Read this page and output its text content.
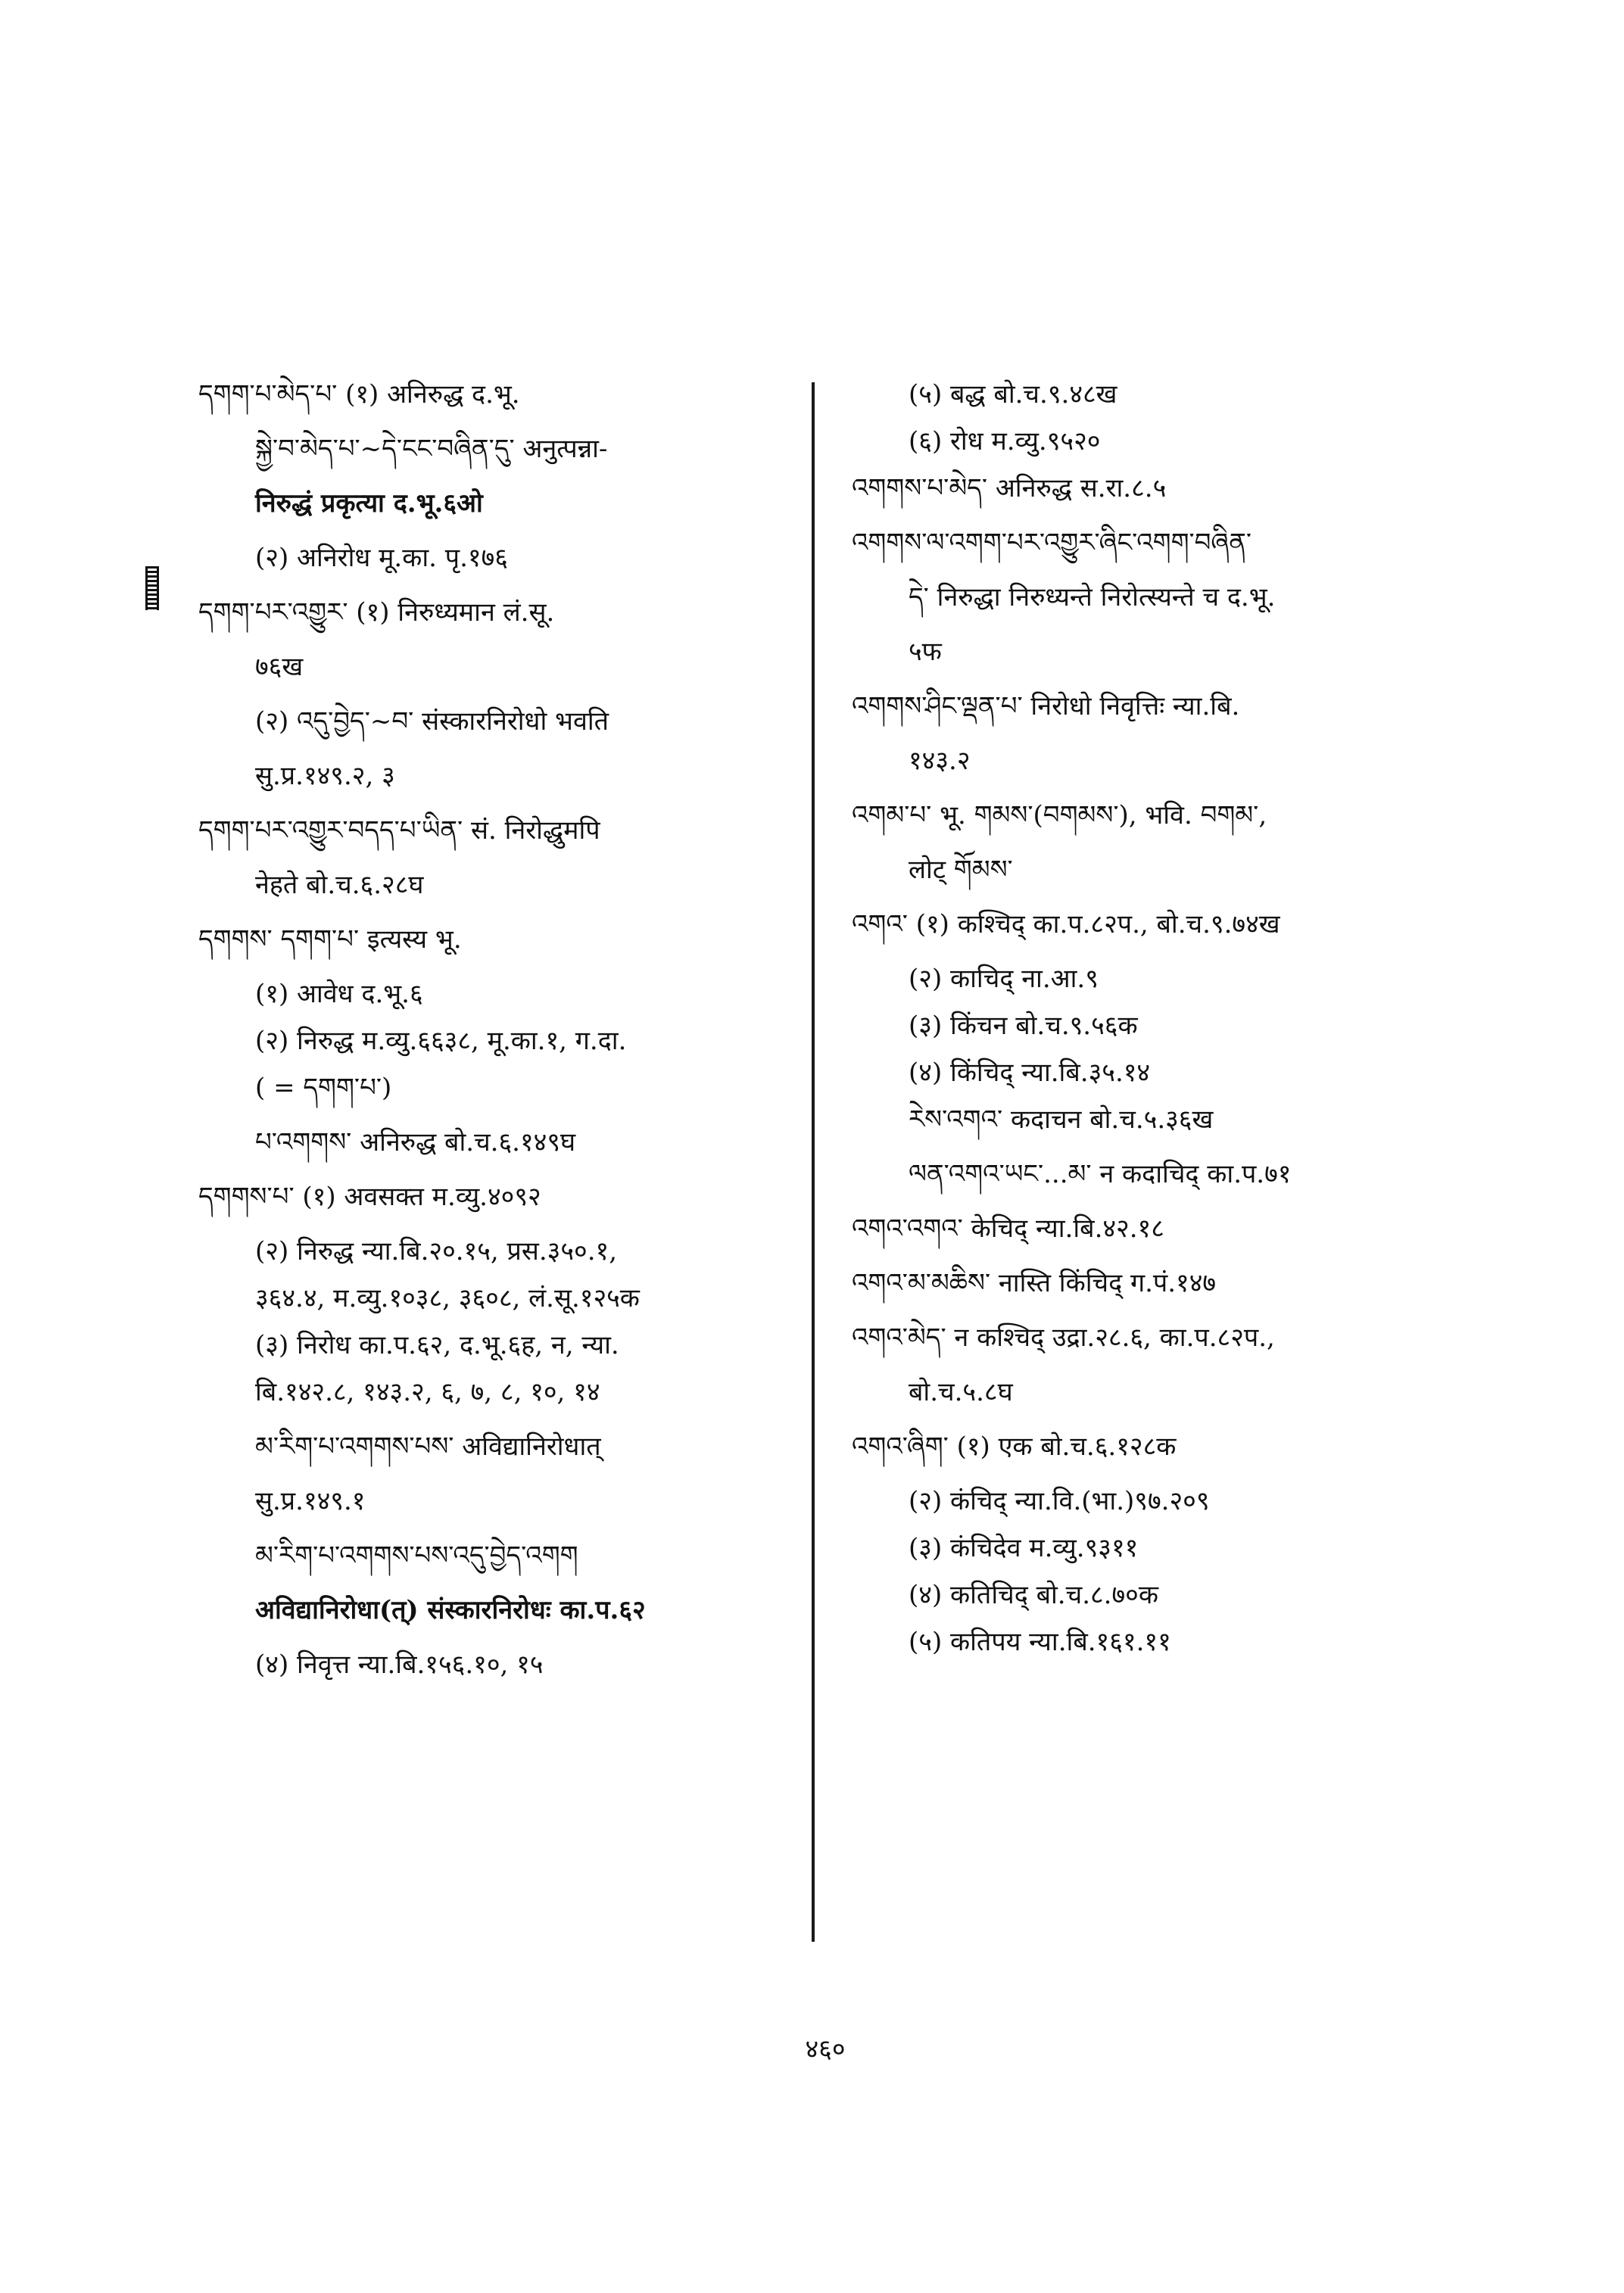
དགག་པ་མེད་པ་ (१) अनिरुद्ध द.भू.
སྐྱེ་བ་མེད་པ་~དེ་ངང་བཞིན་དུ་ अनुत्पन्ना-
निरुद्धं प्रकृत्या द.भू.६ओ
(२) अनिरोध मू.का. पृ.१७६
དགག་པར་འགྱུར་ (१) निरुध्यमान लं.सू.
७६ख
(२) འདུ་བྱེད་~བ་ संस्कारनिरोधो भवति
सु.प्र.१४९.२, ३
དགག་པར་འགྱུར་བདད་པ་ཡིན་ सं. निरोद्धुमपि
नेहते बो.च.६.२८घ
དགགས་ དགག་པ་ इत्यस्य भू.
(१) आवेध द.भू.६
(२) निरुद्ध म.व्यु.६६३८, मू.का.१, ग.दा.
( = དགག་པ་)
པ་འགགས་ अनिरुद्ध बो.च.६.१४९घ
དགགས་པ་ (१) अवसक्त म.व्यु.४०९२
(२) निरुद्ध न्या.बि.२०.१५, प्रस.३५०.१,
३६४.४, म.व्यु.१०३८, ३६०८, लं.सू.१२५क
(३) निरोध का.प.६२, द.भू.६ह, न, न्या.
बि.१४२.८, १४३.२, ६, ७, ८, १०, १४
མ་རིག་པ་འགགས་པས་ अविद्यानिरोधात्
सु.प्र.१४९.१
མ་རིག་པ་འགགས་པས་འདུ་བྱེད་འགག
अविद्यानिरोधा(त्) संस्कारनिरोधः का.प.६२
(४) निवृत्त न्या.बि.१५६.१०, १५
(५) बद्ध बो.च.९.४८ख
(६) रोध म.व्यु.९५२०
འགགས་པ་མེད་ अनिरुद्ध स.रा.८.५
འགགས་ལ་འགག་པར་འགྱུར་ཞིང་འགག་བཞིན་
དེ་ निरुद्धा निरुध्यन्ते निरोत्स्यन्ते च द.भू.
५फ
འགགས་ཤིང་ལྡན་པ་ निरोधो निवृत्तिः न्या.बि.
१४३.२
འགམ་པ་ भू. གམས་(བགམས་), भवि. བགམ་,
लोट् གོམས་
འགའ་ (१) कश्चिद् का.प.८२प., बो.च.९.७४ख
(२) काचिद् ना.आ.९
(३) किंचन बो.च.९.५६क
(४) किंचिद् न्या.बि.३५.१४
རེས་འགའ་ कदाचन बो.च.५.३६ख
ལན་འགའ་ཡང་...མ་ न कदाचिद् का.प.७१
འགའ་འགའ་ केचिद् न्या.बि.४२.१८
འགའ་མ་མཆིས་ नास्ति किंचिद् ग.पं.१४७
འགའ་མེད་ न कश्चिद् उद्रा.२८.६, का.प.८२प.,
बो.च.५.८घ
འགའ་ཞིག་ (१) एक बो.च.६.१२८क
(२) कंचिद् न्या.वि.(भा.)९७.२०९
(३) कंचिदेव म.व्यु.९३११
(४) कतिचिद् बो.च.८.७०क
(५) कतिपय न्या.बि.१६१.११
४६०
